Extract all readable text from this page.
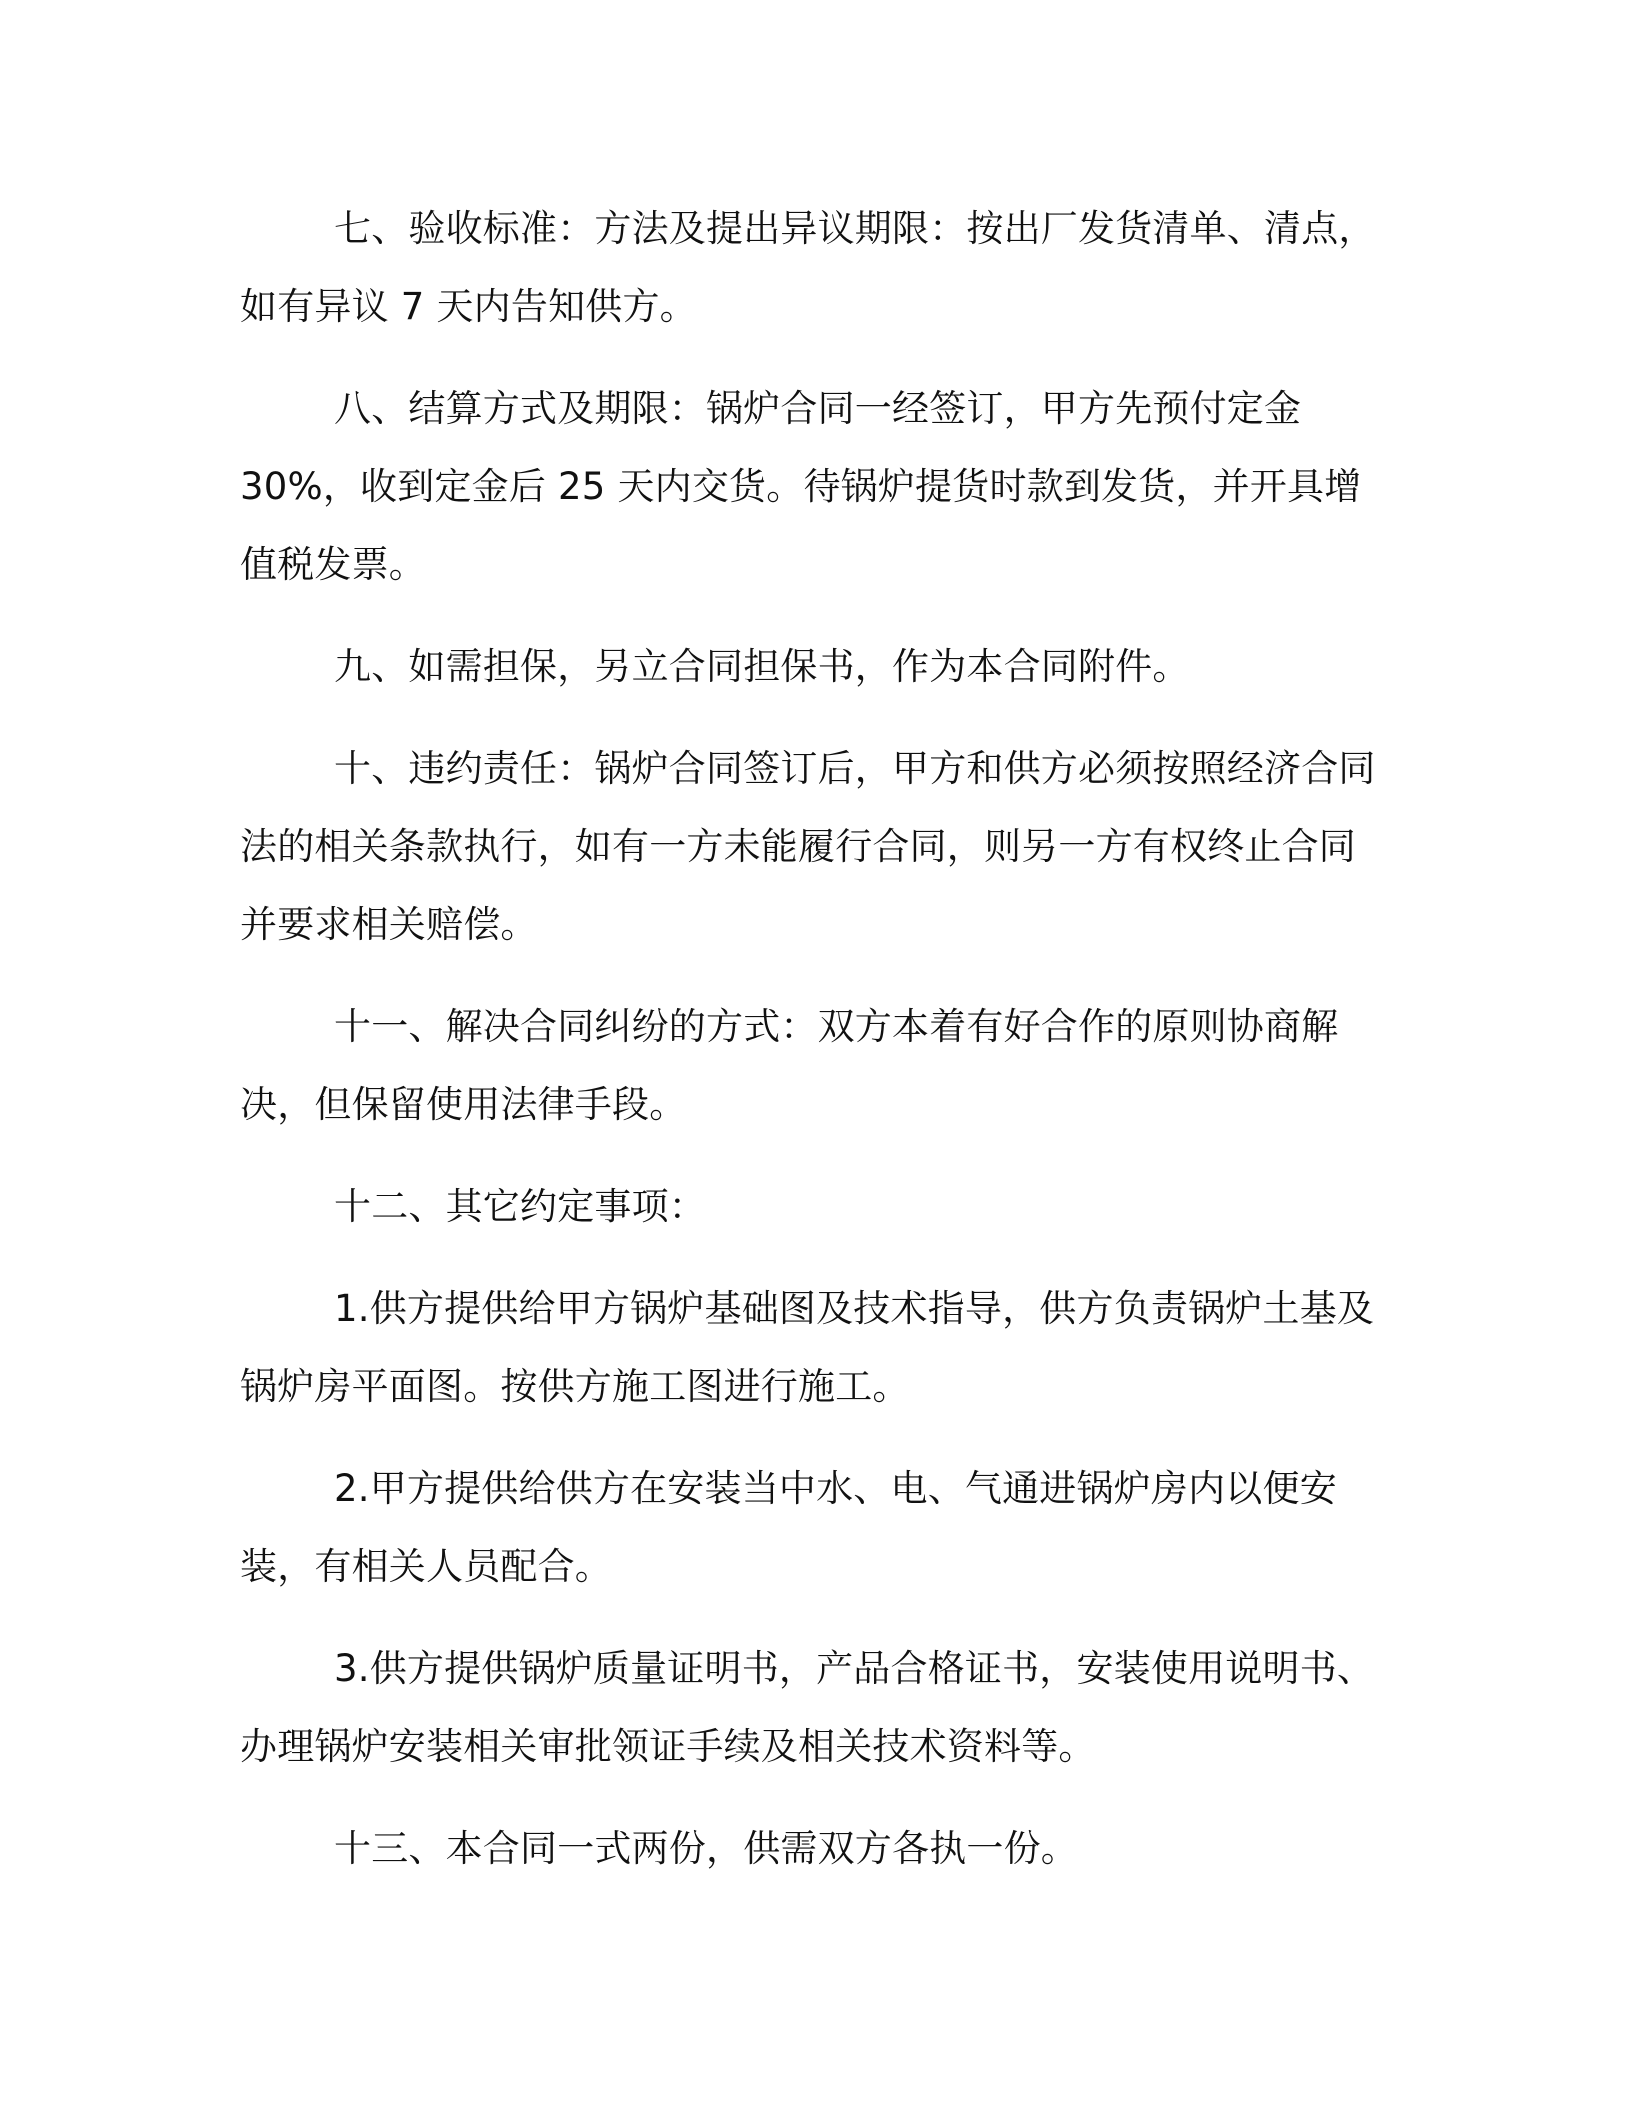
七、验收标准：方法及提出异议期限：按出厂发货清单、清点，如有异议 7 天内告知供方。

八、结算方式及期限：锅炉合同一经签订，甲方先预付定金 30%，收到定金后 25 天内交货。待锅炉提货时款到发货，并开具增值税发票。

九、如需担保，另立合同担保书，作为本合同附件。

十、违约责任：锅炉合同签订后，甲方和供方必须按照经济合同法的相关条款执行，如有一方未能履行合同，则另一方有权终止合同并要求相关赔偿。

十一、解决合同纠纷的方式：双方本着有好合作的原则协商解决，但保留使用法律手段。

十二、其它约定事项：

1.供方提供给甲方锅炉基础图及技术指导，供方负责锅炉土基及锅炉房平面图。按供方施工图进行施工。

2.甲方提供给供方在安装当中水、电、气通进锅炉房内以便安装，有相关人员配合。

3.供方提供锅炉质量证明书，产品合格证书，安装使用说明书、办理锅炉安装相关审批领证手续及相关技术资料等。

十三、本合同一式两份，供需双方各执一份。
